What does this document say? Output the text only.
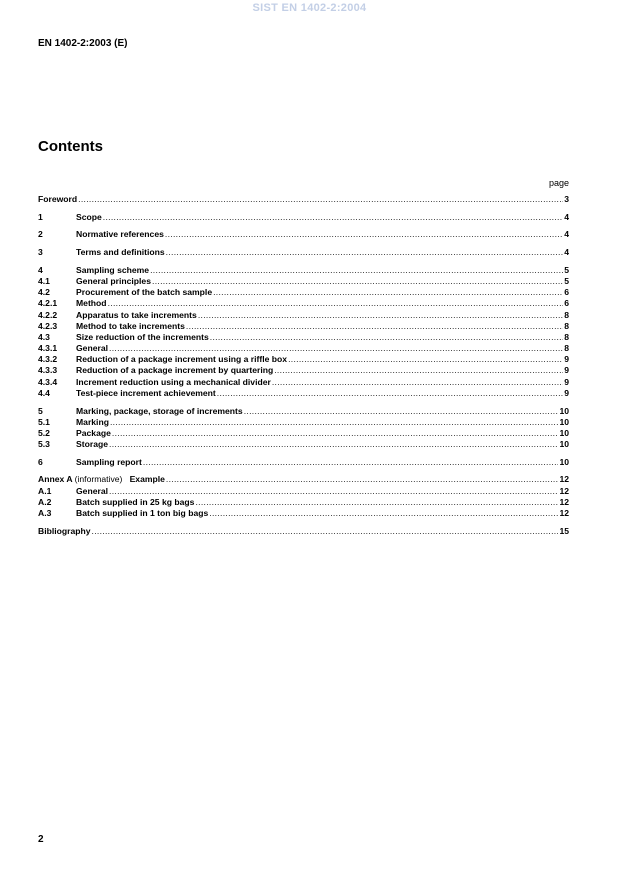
SIST EN 1402-2:2004
EN 1402-2:2003 (E)
Contents
page
Foreword .....	3
1	Scope .....	4
2	Normative references .....	4
3	Terms and definitions .....	4
4	Sampling scheme .....	5
4.1	General principles .....	5
4.2	Procurement of the batch sample .....	6
4.2.1	Method .....	6
4.2.2	Apparatus to take increments .....	8
4.2.3	Method to take increments .....	8
4.3	Size reduction of the increments .....	8
4.3.1	General .....	8
4.3.2	Reduction of a package increment using a riffle box .....	9
4.3.3	Reduction of a package increment by quartering .....	9
4.3.4	Increment reduction using a mechanical divider .....	9
4.4	Test-piece increment achievement .....	9
5	Marking, package, storage of increments .....	10
5.1	Marking .....	10
5.2	Package .....	10
5.3	Storage .....	10
6	Sampling report .....	10
Annex A (informative) Example .....	12
A.1	General .....	12
A.2	Batch supplied in 25 kg bags .....	12
A.3	Batch supplied in 1 ton big bags .....	12
Bibliography .....	15
2
